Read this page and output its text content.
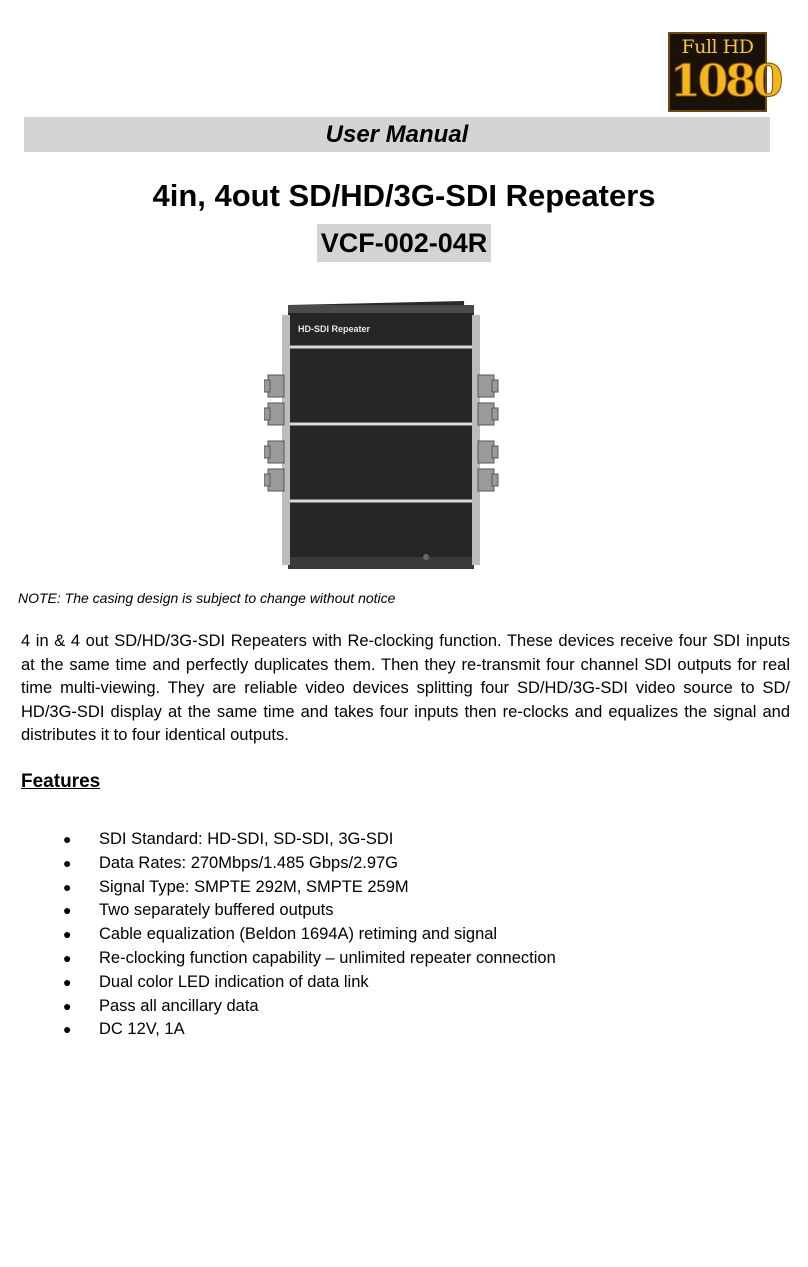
Full HD
1080
User Manual
4in, 4out SD/HD/3G-SDI Repeaters
VCF-002-04R
HD-SDI Repeater
NOTE: The casing design is subject to change without notice
4 in & 4 out SD/HD/3G-SDI Repeaters with Re-clocking function. These devices receive four SDI inputs at the same time and perfectly duplicates them. Then they re-transmit four channel SDI outputs for real time multi-viewing. They are reliable video devices splitting four SD/HD/3G-SDI video source to SD/ HD/3G-SDI display at the same time and takes four inputs then re-clocks and equalizes the signal and distributes it to four identical outputs.
Features
● SDI Standard: HD-SDI, SD-SDI, 3G-SDI
● Data Rates: 270Mbps/1.485 Gbps/2.97G
● Signal Type: SMPTE 292M, SMPTE 259M
● Two separately buffered outputs
● Cable equalization (Beldon 1694A) retiming and signal
● Re-clocking function capability – unlimited repeater connection
● Dual color LED indication of data link
● Pass all ancillary data
● DC 12V, 1A
